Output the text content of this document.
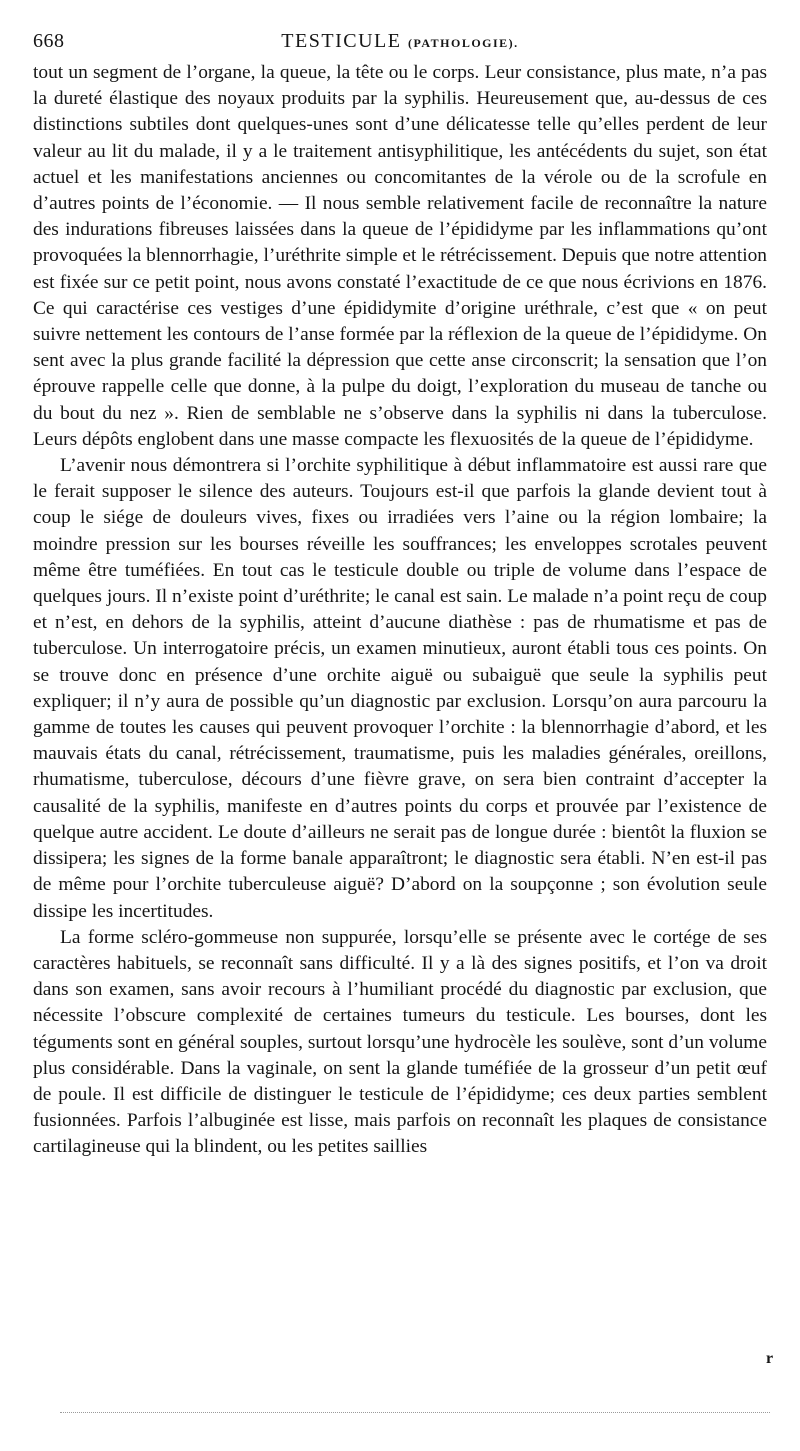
668	TESTICULE (PATHOLOGIE).

tout un segment de l’organe, la queue, la tête ou le corps. Leur consistance, plus mate, n’a pas la dureté élastique des noyaux produits par la syphilis. Heureusement que, au-dessus de ces distinctions subtiles dont quelques-unes sont d’une délicatesse telle qu’elles perdent de leur valeur au lit du malade, il y a le traitement antisyphilitique, les antécédents du sujet, son état actuel et les manifestations anciennes ou concomitantes de la vérole ou de la scrofule en d’autres points de l’économie. — Il nous semble relativement facile de reconnaître la nature des indurations fibreuses laissées dans la queue de l’épididyme par les inflammations qu’ont provoquées la blennorrhagie, l’uréthrite simple et le rétrécissement. Depuis que notre attention est fixée sur ce petit point, nous avons constaté l’exactitude de ce que nous écrivions en 1876. Ce qui caractérise ces vestiges d’une épididymite d’origine uréthrale, c’est que « on peut suivre nettement les contours de l’anse formée par la réflexion de la queue de l’épididyme. On sent avec la plus grande facilité la dépression que cette anse circonscrit; la sensation que l’on éprouve rappelle celle que donne, à la pulpe du doigt, l’exploration du museau de tanche ou du bout du nez ». Rien de semblable ne s’observe dans la syphilis ni dans la tuberculose. Leurs dépôts englobent dans une masse compacte les flexuosités de la queue de l’épididyme.

L’avenir nous démontrera si l’orchite syphilitique à début inflammatoire est aussi rare que le ferait supposer le silence des auteurs. Toujours est-il que parfois la glande devient tout à coup le siége de douleurs vives, fixes ou irradiées vers l’aine ou la région lombaire; la moindre pression sur les bourses réveille les souffrances; les enveloppes scrotales peuvent même être tuméfiées. En tout cas le testicule double ou triple de volume dans l’espace de quelques jours. Il n’existe point d’uréthrite; le canal est sain. Le malade n’a point reçu de coup et n’est, en dehors de la syphilis, atteint d’aucune diathèse : pas de rhumatisme et pas de tuberculose. Un interrogatoire précis, un examen minutieux, auront établi tous ces points. On se trouve donc en présence d’une orchite aiguë ou subaiguë que seule la syphilis peut expliquer; il n’y aura de possible qu’un diagnostic par exclusion. Lorsqu’on aura parcouru la gamme de toutes les causes qui peuvent provoquer l’orchite : la blennorrhagie d’abord, et les mauvais états du canal, rétrécissement, traumatisme, puis les maladies générales, oreillons, rhumatisme, tuberculose, décours d’une fièvre grave, on sera bien contraint d’accepter la causalité de la syphilis, manifeste en d’autres points du corps et prouvée par l’existence de quelque autre accident. Le doute d’ailleurs ne serait pas de longue durée : bientôt la fluxion se dissipera; les signes de la forme banale apparaîtront; le diagnostic sera établi. N’en est-il pas de même pour l’orchite tuberculeuse aiguë? D’abord on la soupçonne ; son évolution seule dissipe les incertitudes.

La forme scléro-gommeuse non suppurée, lorsqu’elle se présente avec le cortége de ses caractères habituels, se reconnaît sans difficulté. Il y a là des signes positifs, et l’on va droit dans son examen, sans avoir recours à l’humiliant procédé du diagnostic par exclusion, que nécessite l’obscure complexité de certaines tumeurs du testicule. Les bourses, dont les téguments sont en général souples, surtout lorsqu’une hydrocèle les soulève, sont d’un volume plus considérable. Dans la vaginale, on sent la glande tuméfiée de la grosseur d’un petit œuf de poule. Il est difficile de distinguer le testicule de l’épididyme; ces deux parties semblent fusionnées. Parfois l’albuginée est lisse, mais parfois on reconnaît les plaques de consistance cartilagineuse qui la blindent, ou les petites saillies

r
